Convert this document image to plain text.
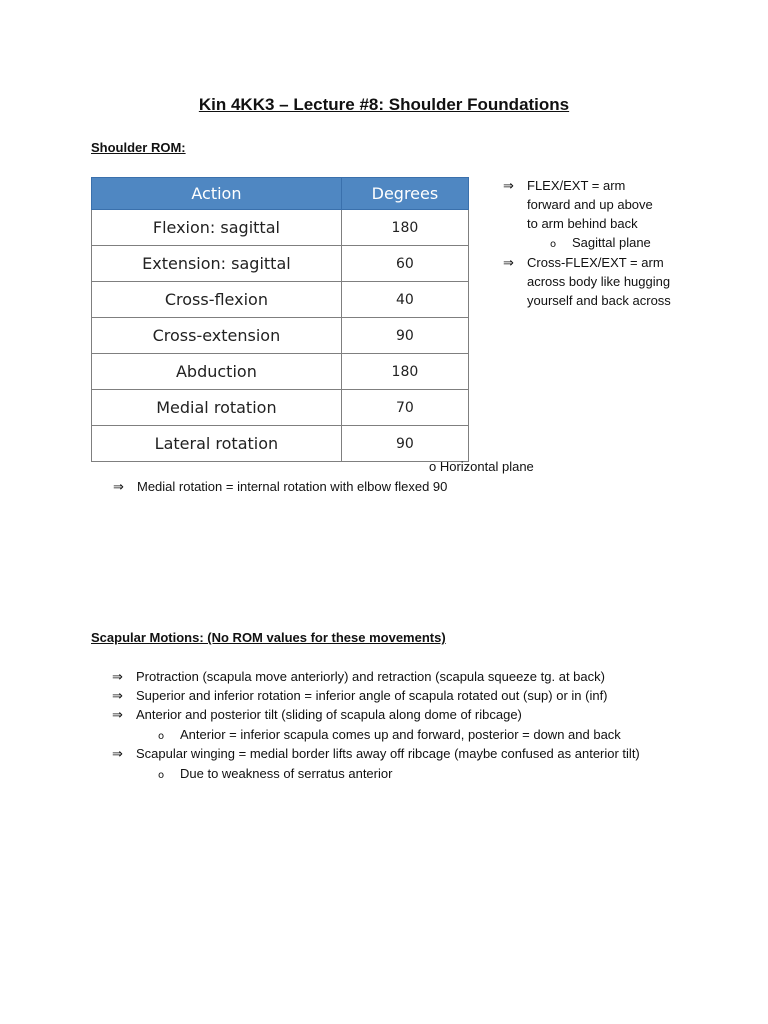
Kin 4KK3 – Lecture #8: Shoulder Foundations
Shoulder ROM:
Action	Degrees
Flexion: sagittal	180
Extension: sagittal	60
Cross-flexion	40
Cross-extension	90
Abduction	180
Medial rotation	70
Lateral rotation	90
⇒ FLEX/EXT = arm
forward and up above
to arm behind back
o Sagittal plane
⇒ Cross-FLEX/EXT = arm
across body like hugging
yourself and back across
o Horizontal plane
⇒ Medial rotation = internal rotation with elbow flexed 90
Scapular Motions: (No ROM values for these movements)
⇒ Protraction (scapula move anteriorly) and retraction (scapula squeeze tg. at back)
⇒ Superior and inferior rotation = inferior angle of scapula rotated out (sup) or in (inf)
⇒ Anterior and posterior tilt (sliding of scapula along dome of ribcage)
o Anterior = inferior scapula comes up and forward, posterior = down and back
⇒ Scapular winging = medial border lifts away off ribcage (maybe confused as anterior tilt)
o Due to weakness of serratus anterior
